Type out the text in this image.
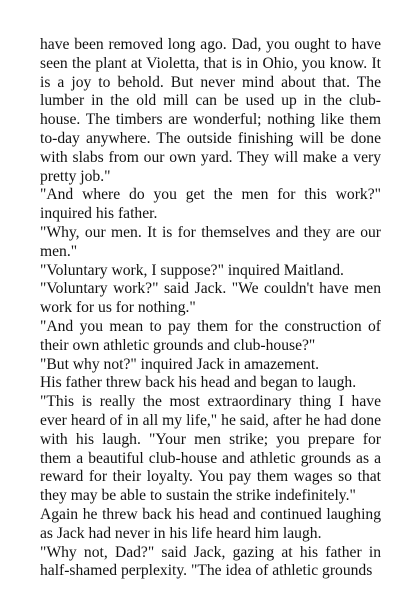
have been removed long ago. Dad, you ought to have seen the plant at Violetta, that is in Ohio, you know. It is a joy to behold. But never mind about that. The lumber in the old mill can be used up in the club-house. The timbers are wonderful; nothing like them to-day anywhere. The outside finishing will be done with slabs from our own yard. They will make a very pretty job."

"And where do you get the men for this work?" inquired his father.

"Why, our men. It is for themselves and they are our men."

"Voluntary work, I suppose?" inquired Maitland.

"Voluntary work?" said Jack. "We couldn't have men work for us for nothing."

"And you mean to pay them for the construction of their own athletic grounds and club-house?"

"But why not?" inquired Jack in amazement.

His father threw back his head and began to laugh.

"This is really the most extraordinary thing I have ever heard of in all my life," he said, after he had done with his laugh. "Your men strike; you prepare for them a beautiful club-house and athletic grounds as a reward for their loyalty. You pay them wages so that they may be able to sustain the strike indefinitely."

Again he threw back his head and continued laughing as Jack had never in his life heard him laugh.

"Why not, Dad?" said Jack, gazing at his father in half-shamed perplexity. "The idea of athletic grounds
